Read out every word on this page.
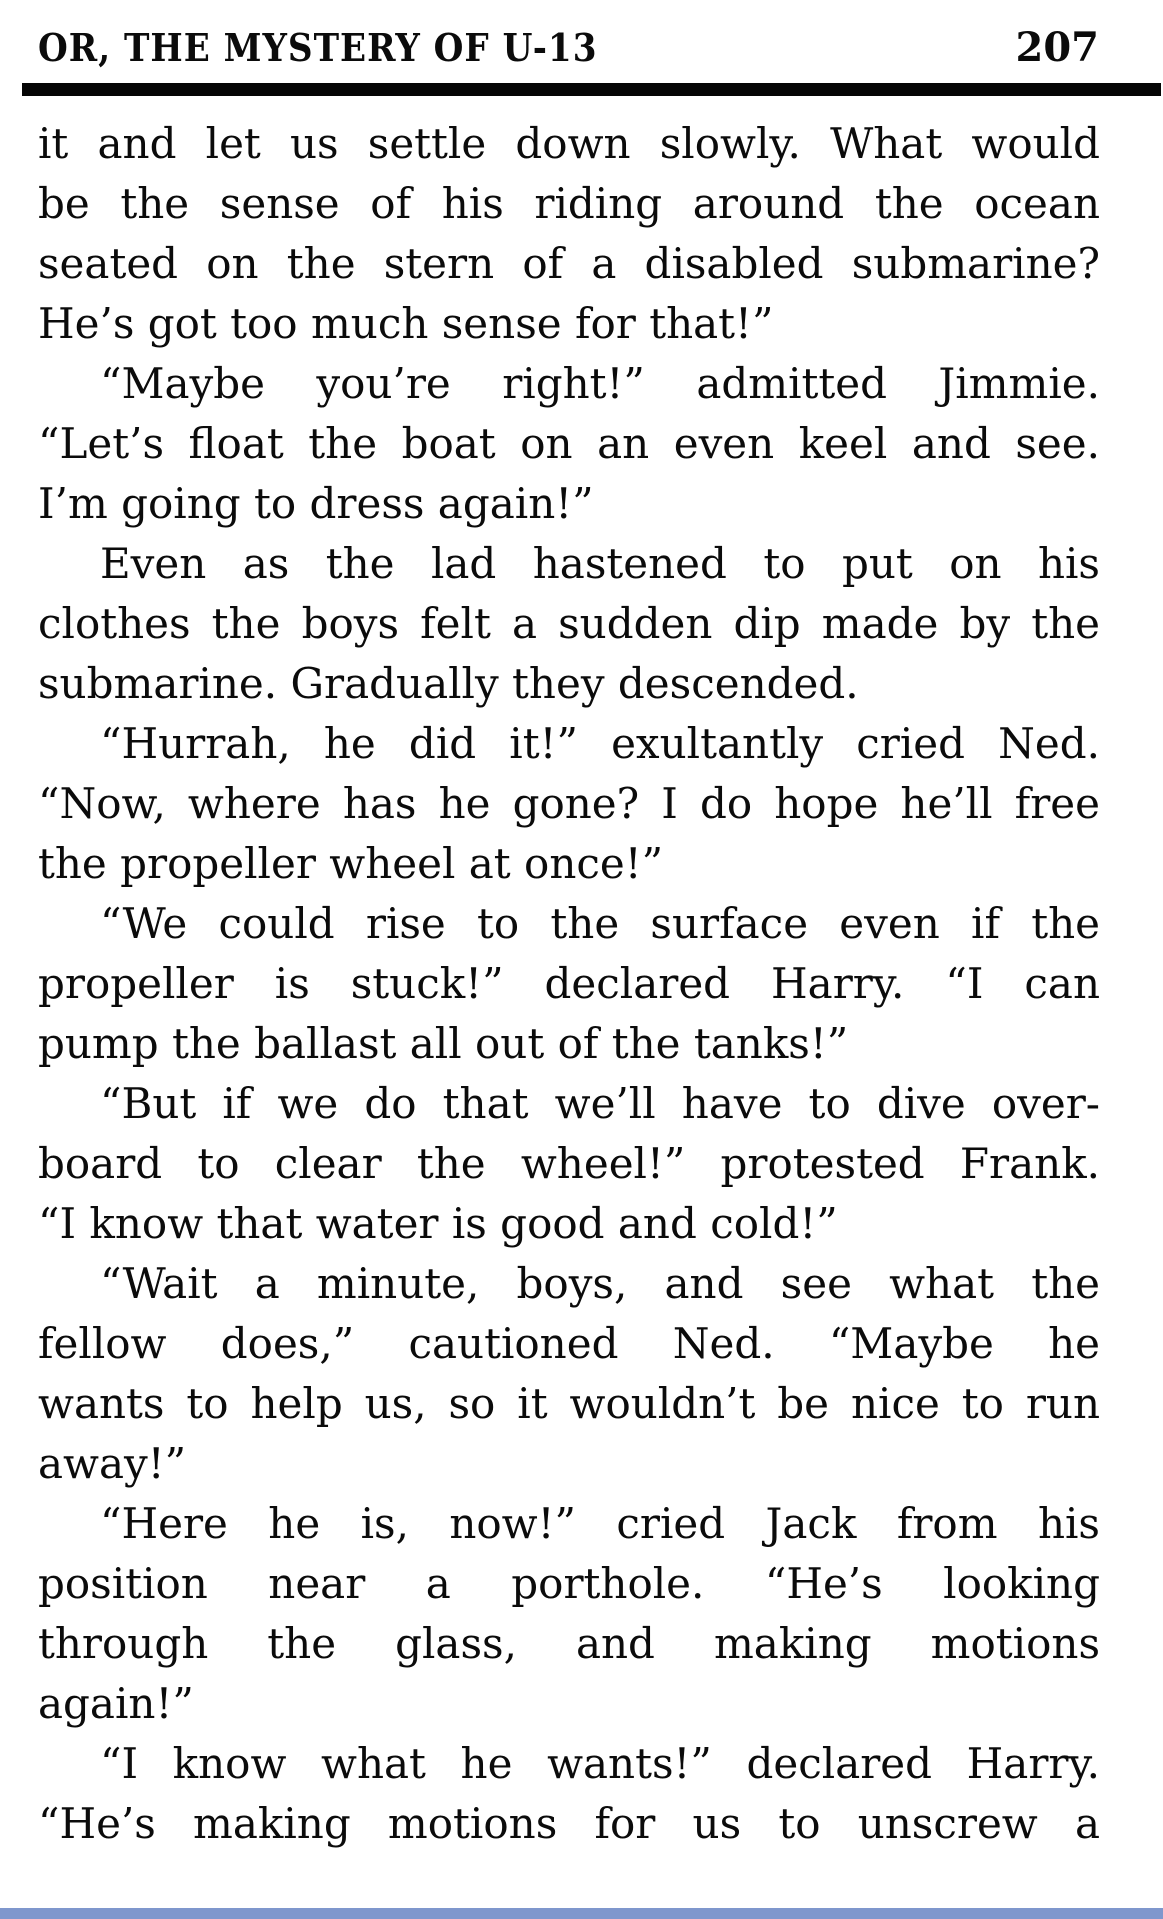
OR, THE MYSTERY OF U-13	207
it and let us settle down slowly. What would
be the sense of his riding around the ocean
seated on the stern of a disabled submarine?
He’s got too much sense for that!”
“Maybe you’re right!” admitted Jimmie.
“Let’s float the boat on an even keel and see.
I’m going to dress again!”
Even as the lad hastened to put on his
clothes the boys felt a sudden dip made by the
submarine. Gradually they descended.
“Hurrah, he did it!” exultantly cried Ned.
“Now, where has he gone? I do hope he’ll free
the propeller wheel at once!”
“We could rise to the surface even if the
propeller is stuck!” declared Harry. “I can
pump the ballast all out of the tanks!”
“But if we do that we’ll have to dive over-
board to clear the wheel!” protested Frank.
“I know that water is good and cold!”
“Wait a minute, boys, and see what the
fellow does,” cautioned Ned. “Maybe he
wants to help us, so it wouldn’t be nice to run
away!”
“Here he is, now!” cried Jack from his
position near a porthole. “He’s looking
through the glass, and making motions
again!”
“I know what he wants!” declared Harry.
“He’s making motions for us to unscrew a
